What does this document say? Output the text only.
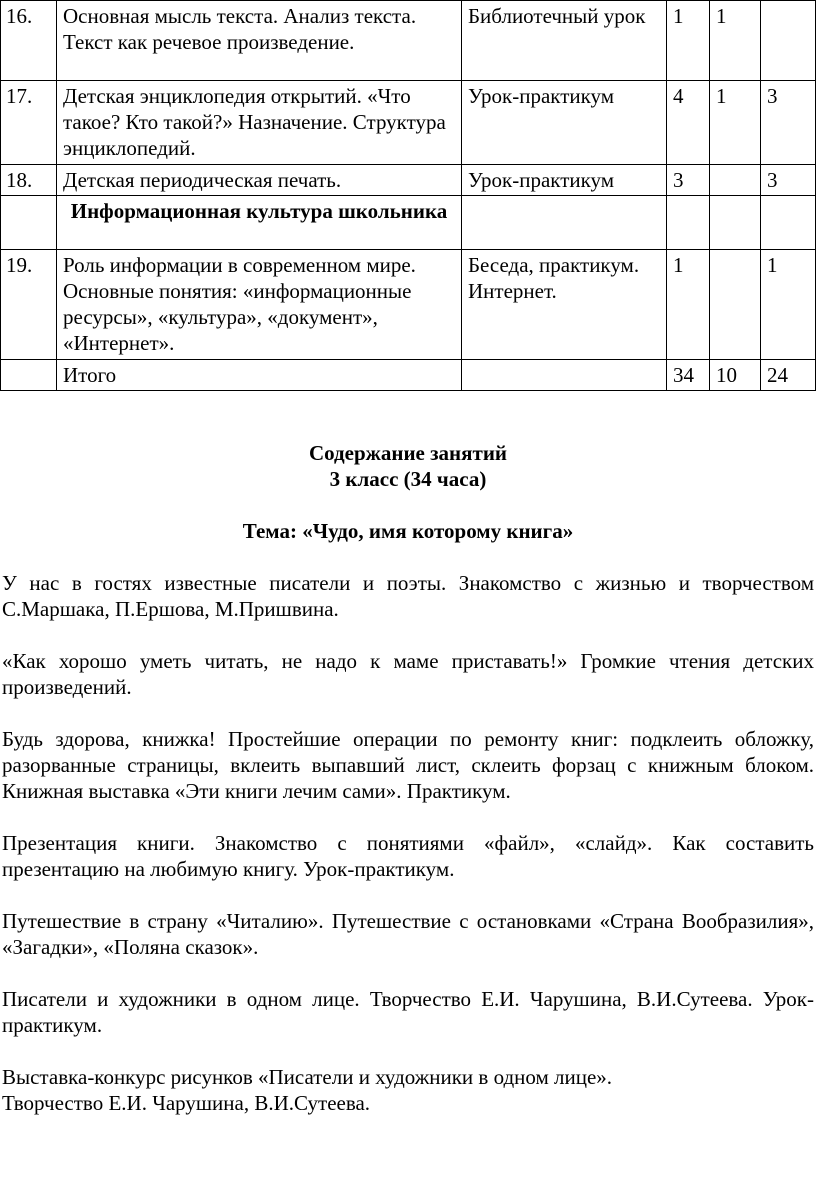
16.	Основная мысль текста. Анализ текста. Текст как речевое произведение.	Библиотечный урок	1	1	
17.	Детская энциклопедия открытий. «Что такое? Кто такой?» Назначение. Структура энциклопедий.	Урок-практикум	4	1	3
18.	Детская периодическая печать.	Урок-практикум	3		3
	Информационная культура школьника				
19.	Роль информации в современном мире. Основные понятия: «информационные ресурсы», «культура», «документ», «Интернет».	Беседа, практикум. Интернет.	1		1
	Итого		34	10	24

Содержание занятий

3 класс (34 часа)

Тема: «Чудо, имя которому книга»

У нас в гостях известные писатели и поэты. Знакомство с жизнью и творчеством С.Маршака, П.Ершова, М.Пришвина.

«Как хорошо уметь читать, не надо к маме приставать!» Громкие чтения детских произведений.

Будь здорова, книжка! Простейшие операции по ремонту книг: подклеить обложку, разорванные страницы, вклеить выпавший лист, склеить форзац с книжным блоком. Книжная выставка «Эти книги лечим сами». Практикум.

Презентация книги. Знакомство с понятиями «файл», «слайд». Как составить презентацию на любимую книгу. Урок-практикум.

Путешествие в страну «Читалию». Путешествие с остановками «Страна Вообразилия», «Загадки», «Поляна сказок».

Писатели и художники в одном лице. Творчество Е.И. Чарушина, В.И.Сутеева. Урок-практикум.

Выставка-конкурс рисунков «Писатели и художники в одном лице».
Творчество Е.И. Чарушина, В.И.Сутеева.
